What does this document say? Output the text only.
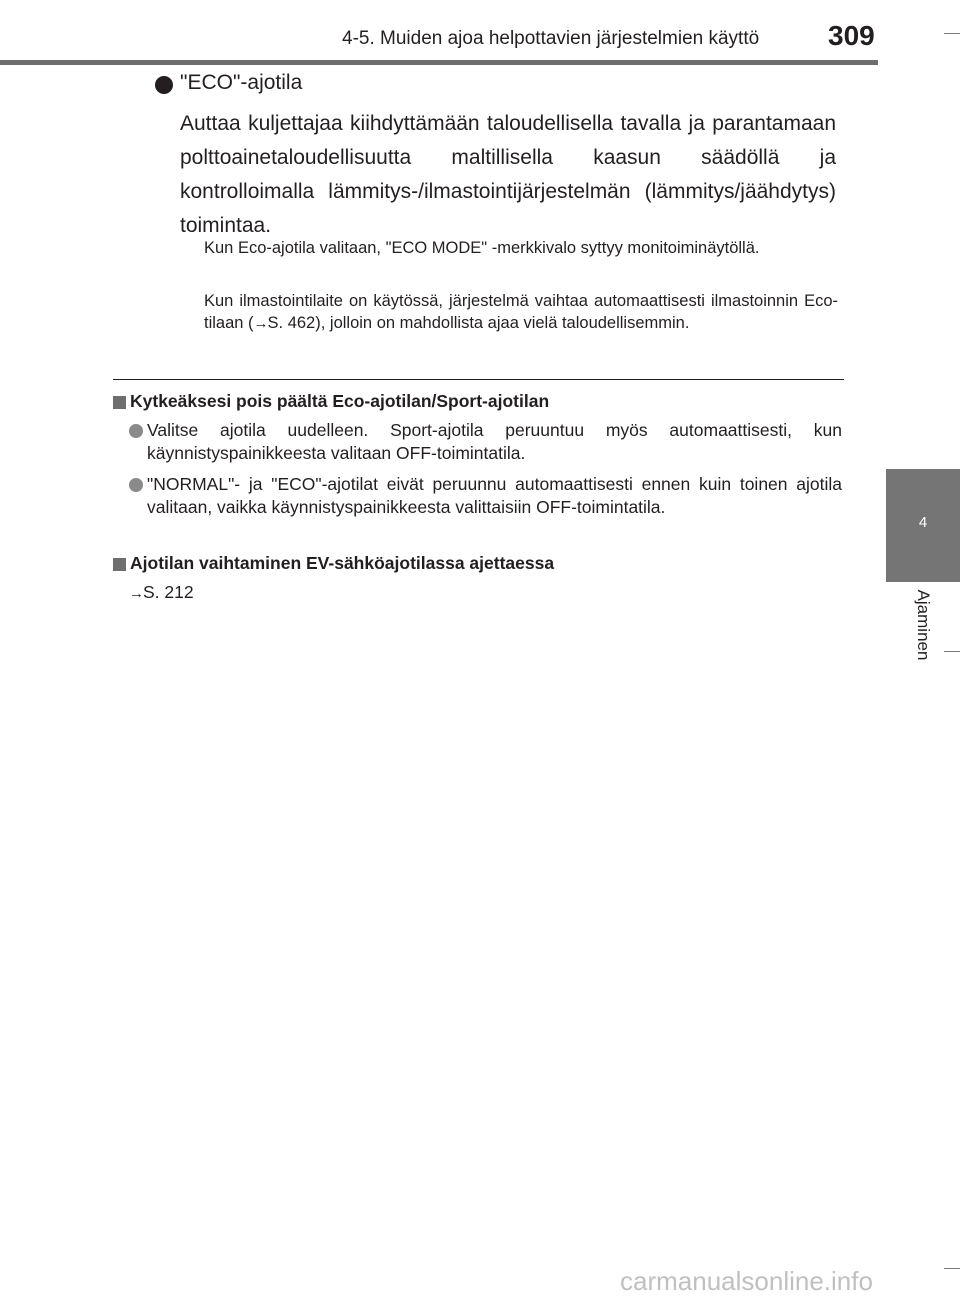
4-5. Muiden ajoa helpottavien järjestelmien käyttö 309
4
Ajaminen
"ECO"-ajotila
Auttaa kuljettajaa kiihdyttämään taloudellisella tavalla ja parantamaan polttoainetaloudellisuutta maltillisella kaasun säädöllä ja kontrolloimalla lämmitys-/ilmastointijärjestelmän (lämmitys/jäähdytys) toimintaa.
Kun Eco-ajotila valitaan, "ECO MODE" -merkkivalo syttyy monitoiminäytöllä.
Kun ilmastointilaite on käytössä, järjestelmä vaihtaa automaattisesti ilmastoinnin Eco-tilaan (→S. 462), jolloin on mahdollista ajaa vielä taloudellisemmin.
Kytkeäksesi pois päältä Eco-ajotilan/Sport-ajotilan
Valitse ajotila uudelleen. Sport-ajotila peruuntuu myös automaattisesti, kun käynnistyspainikkeesta valitaan OFF-toimintatila.
"NORMAL"- ja "ECO"-ajotilat eivät peruunnu automaattisesti ennen kuin toinen ajotila valitaan, vaikka käynnistyspainikkeesta valittaisiin OFF-toimintatila.
Ajotilan vaihtaminen EV-sähköajotilassa ajettaessa
→S. 212
carmanualsonline.info
